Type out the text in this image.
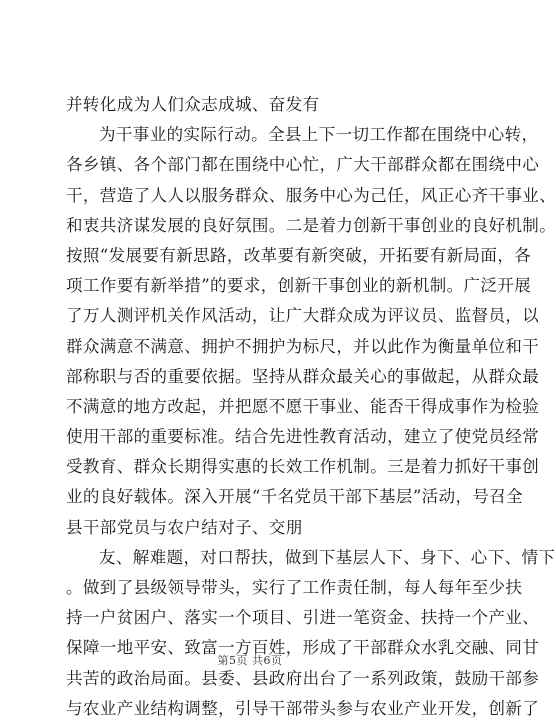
并转化成为人们众志成城、奋发有
为干事业的实际行动。全县上下一切工作都在围绕中心转，
各乡镇、各个部门都在围绕中心忙，广大干部群众都在围绕中心
干，营造了人人以服务群众、服务中心为己任，风正心齐干事业、
和衷共济谋发展的良好氛围。二是着力创新干事创业的良好机制。
按照“发展要有新思路，改革要有新突破，开拓要有新局面，各
项工作要有新举措”的要求，创新干事创业的新机制。广泛开展
了万人测评机关作风活动，让广大群众成为评议员、监督员，以
群众满意不满意、拥护不拥护为标尺，并以此作为衡量单位和干
部称职与否的重要依据。坚持从群众最关心的事做起，从群众最
不满意的地方改起，并把愿不愿干事业、能否干得成事作为检验
使用干部的重要标准。结合先进性教育活动，建立了使党员经常
受教育、群众长期得实惠的长效工作机制。三是着力抓好干事创
业的良好载体。深入开展“千名党员干部下基层”活动，号召全
县干部党员与农户结对子、交朋
友、解难题，对口帮扶，做到下基层人下、身下、心下、情下
。做到了县级领导带头，实行了工作责任制，每人每年至少扶
持一户贫困户、落实一个项目、引进一笔资金、扶持一个产业、
保障一地平安、致富一方百姓，形成了干部群众水乳交融、同甘
共苦的政治局面。县委、县政府出台了一系列政策，鼓励干部参
与农业产业结构调整，引导干部带头参与农业产业开发，创新了
第5页 共6页
